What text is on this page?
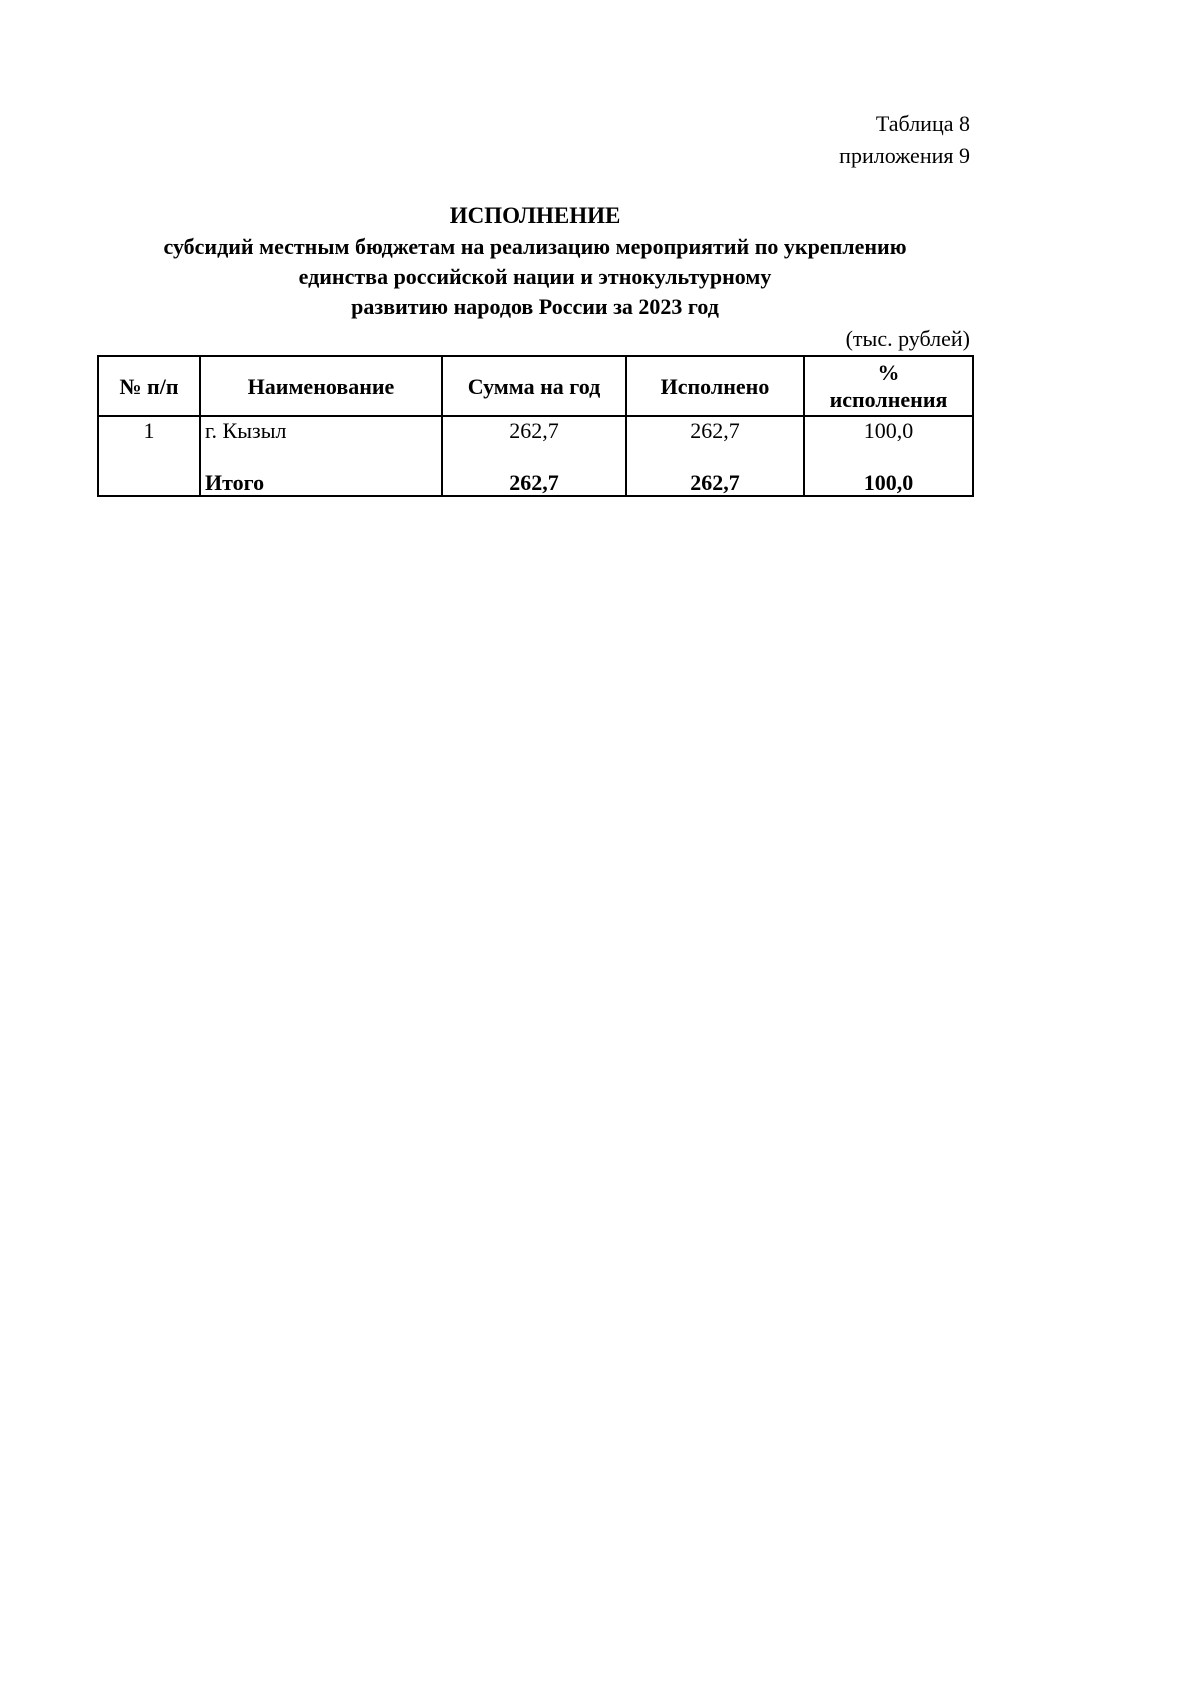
Таблица 8
приложения 9
ИСПОЛНЕНИЕ
субсидий местным бюджетам на реализацию мероприятий по укреплению
единства российской нации и этнокультурному
развитию народов России за 2023 год
(тыс. рублей)
№ п/п	Наименование	Сумма на год	Исполнено	%
исполнения

1	г. Кызыл	262,7	262,7	100,0
	Итого	262,7	262,7	100,0
